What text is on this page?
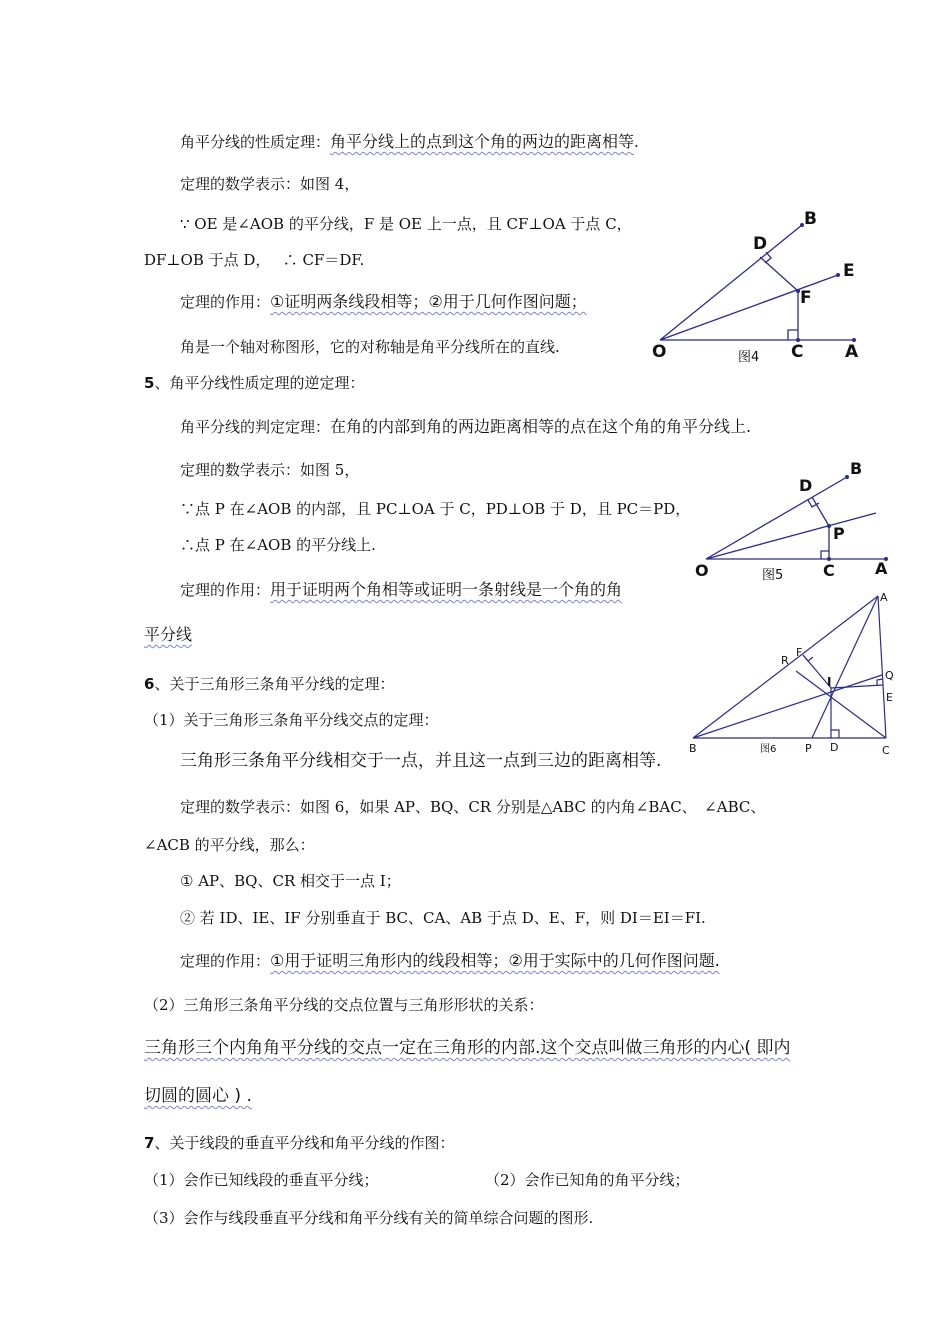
角平分线的性质定理：角平分线上的点到这个角的两边的距离相等.
定理的数学表示：如图 4，
∵ OE 是∠AOB 的平分线，F 是 OE 上一点，且 CF⊥OA 于点 C，
DF⊥OB 于点 D，　 ∴ CF＝DF.
定理的作用：①证明两条线段相等；②用于几何作图问题；
角是一个轴对称图形，它的对称轴是角平分线所在的直线.
5、角平分线性质定理的逆定理：
角平分线的判定定理：在角的内部到角的两边距离相等的点在这个角的角平分线上.
定理的数学表示：如图 5，
∵点 P 在∠AOB 的内部，且 PC⊥OA 于 C，PD⊥OB 于 D，且 PC＝PD，
∴点 P 在∠AOB 的平分线上.
定理的作用：用于证明两个角相等或证明一条射线是一个角的角
平分线
6、关于三角形三条角平分线的定理：
（1）关于三角形三条角平分线交点的定理：
三角形三条角平分线相交于一点，并且这一点到三边的距离相等.
定理的数学表示：如图 6，如果 AP、BQ、CR 分别是△ABC 的内角∠BAC、　∠ABC、
∠ACB 的平分线，那么：
① AP、BQ、CR 相交于一点 I；
② 若 ID、IE、IF 分别垂直于 BC、CA、AB 于点 D、E、F，则 DI＝EI＝FI.
定理的作用：①用于证明三角形内的线段相等；②用于实际中的几何作图问题.
（2）三角形三条角平分线的交点位置与三角形形状的关系：
三角形三个内角角平分线的交点一定在三角形的内部.这个交点叫做三角形的内心( 即内
切圆的圆心 ) .
7、关于线段的垂直平分线和角平分线的作图：
（1）会作已知线段的垂直平分线；	（2）会作已知角的角平分线；
（3）会作与线段垂直平分线和角平分线有关的简单综合问题的图形.
O	C A
D
B
E
F
图4
O	C	A
D
B
P
图5
A
B	C
P D
Q
E
R
F
I
图6
